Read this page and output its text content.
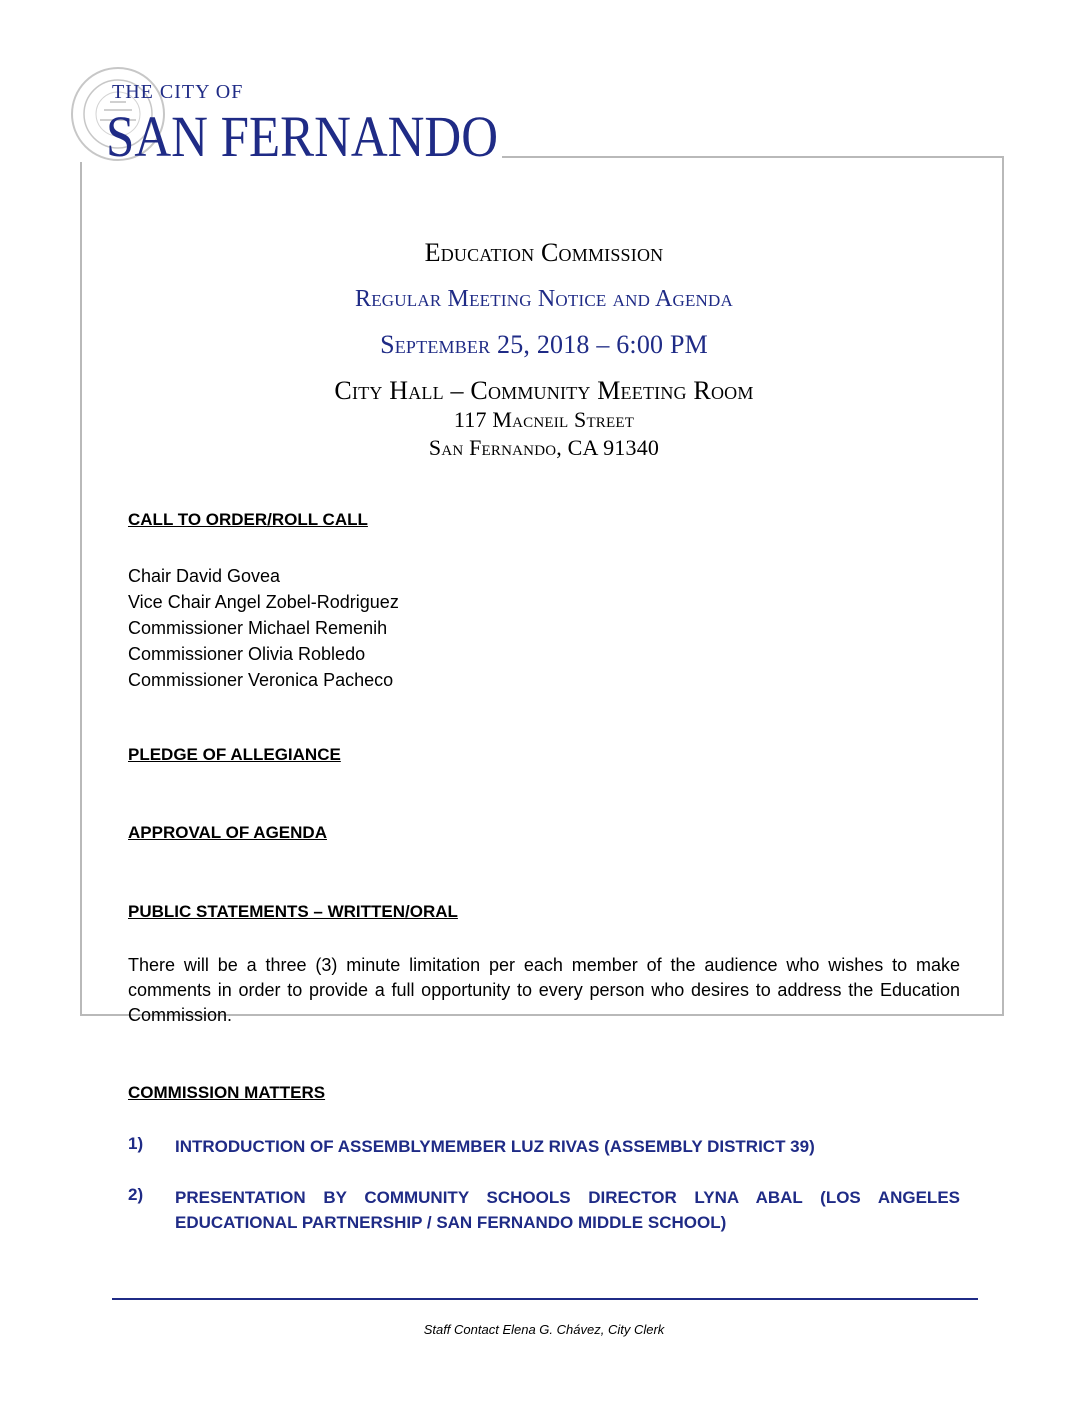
THE CITY OF
SAN FERNANDO
Education Commission
Regular Meeting Notice and Agenda
September 25, 2018 – 6:00 PM
City Hall – Community Meeting Room
117 Macneil Street
San Fernando, CA 91340
CALL TO ORDER/ROLL CALL
Chair David Govea
Vice Chair Angel Zobel-Rodriguez
Commissioner Michael Remenih
Commissioner Olivia Robledo
Commissioner Veronica Pacheco
PLEDGE OF ALLEGIANCE
APPROVAL OF AGENDA
PUBLIC STATEMENTS – WRITTEN/ORAL
There will be a three (3) minute limitation per each member of the audience who wishes to make comments in order to provide a full opportunity to every person who desires to address the Education Commission.
COMMISSION MATTERS
1) INTRODUCTION OF ASSEMBLYMEMBER LUZ RIVAS (ASSEMBLY DISTRICT 39)
2) PRESENTATION BY COMMUNITY SCHOOLS DIRECTOR LYNA ABAL (LOS ANGELES EDUCATIONAL PARTNERSHIP / SAN FERNANDO MIDDLE SCHOOL)
Staff Contact Elena G. Chávez, City Clerk
